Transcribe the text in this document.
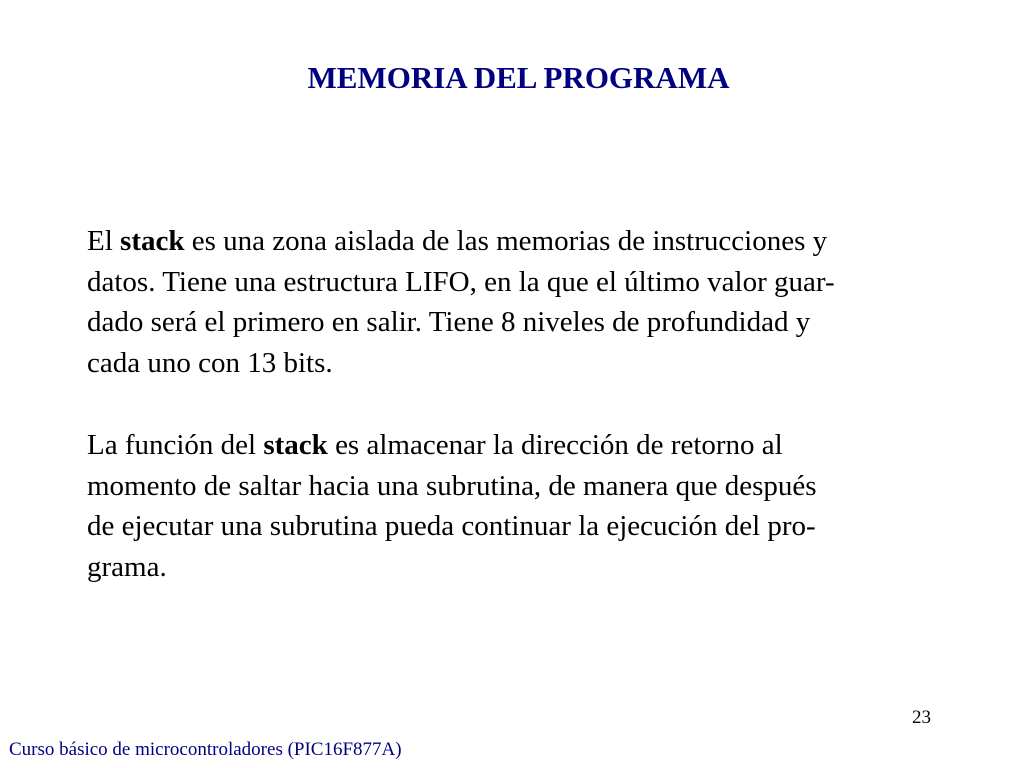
MEMORIA DEL PROGRAMA

El stack es una zona aislada de las memorias de instrucciones y
datos. Tiene una estructura LIFO, en la que el último valor guar-
dado será el primero en salir. Tiene 8 niveles de profundidad y
cada uno con 13 bits.

La función del stack es almacenar la dirección de retorno al
momento de saltar hacia una subrutina, de manera que después
de ejecutar una subrutina pueda continuar la ejecución del pro-
grama.

23
Curso básico de microcontroladores (PIC16F877A)
